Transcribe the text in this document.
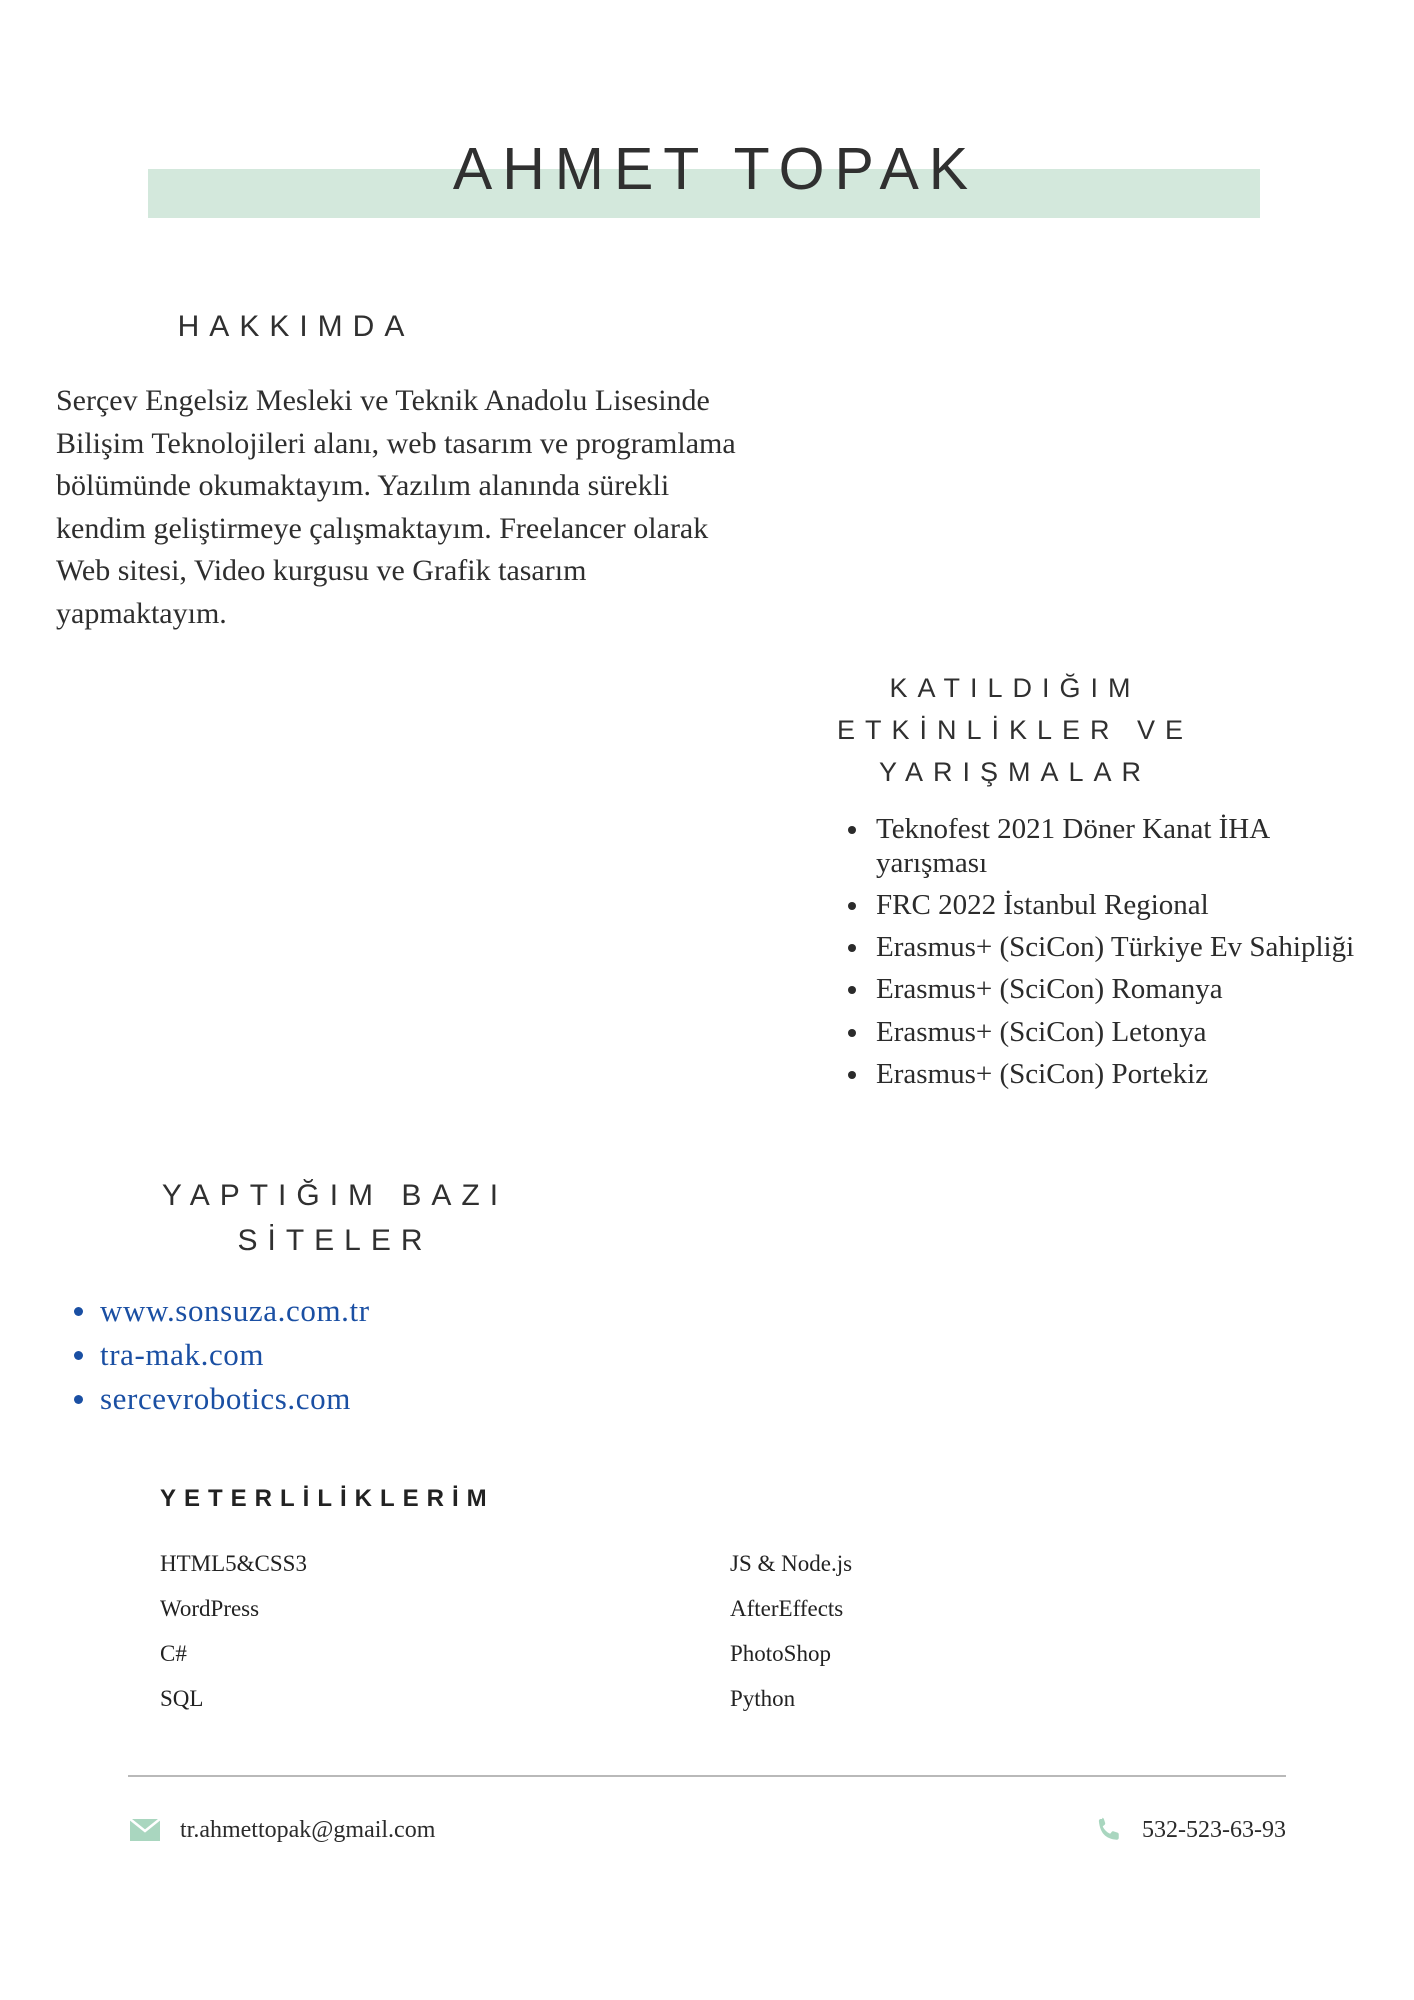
AHMET TOPAK
HAKKIMDA

Serçev Engelsiz Mesleki ve Teknik Anadolu Lisesinde Bilişim Teknolojileri alanı, web tasarım ve programlama bölümünde okumaktayım. Yazılım alanında sürekli kendim geliştirmeye çalışmaktayım. Freelancer olarak Web sitesi, Video kurgusu ve Grafik tasarım yapmaktayım.

KATILDIĞIM
ETKİNLİKLER VE
YARIŞMALAR
Teknofest 2021 Döner Kanat İHA yarışması
FRC 2022 İstanbul Regional
Erasmus+ (SciCon) Türkiye Ev Sahipliği
Erasmus+ (SciCon) Romanya
Erasmus+ (SciCon) Letonya
Erasmus+ (SciCon) Portekiz
YAPTIĞIM BAZI
SİTELER
www.sonsuza.com.tr
tra-mak.com
sercevrobotics.com
YETERLİLİKLERİM
HTML5&CSS3	JS & Node.js
WordPress	AfterEffects
C#	PhotoShop
SQL	Python
tr.ahmettopak@gmail.com	532-523-63-93
